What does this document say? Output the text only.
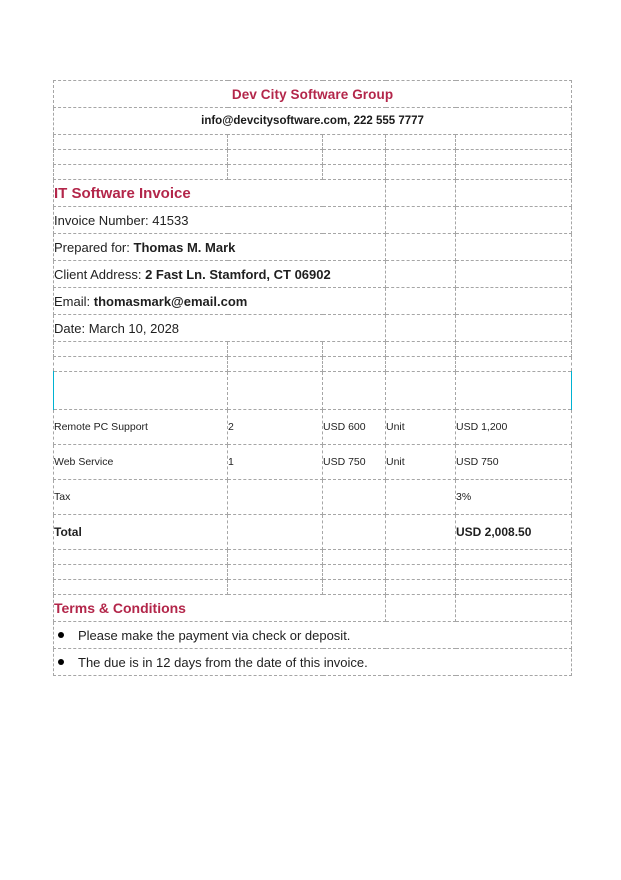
Dev City Software Group				
info@devcitysoftware.com, 222 555 7777				

IT Software Invoice				
Invoice Number: 41533				
Prepared for: Thomas M. Mark				
Client Address: 2 Fast Ln. Stamford, CT 06902				
Email: thomasmark@email.com				
Date: March 10, 2028				

Description	Quantity	Price		Total
Remote PC Support	2	USD 600	Unit	USD 1,200
Web Service	1	USD 750	Unit	USD 750
Tax				3%
Total				USD 2,008.50

Terms & Conditions				

Please make the payment via check or deposit.				

The due is in 12 days from the date of this invoice.				
